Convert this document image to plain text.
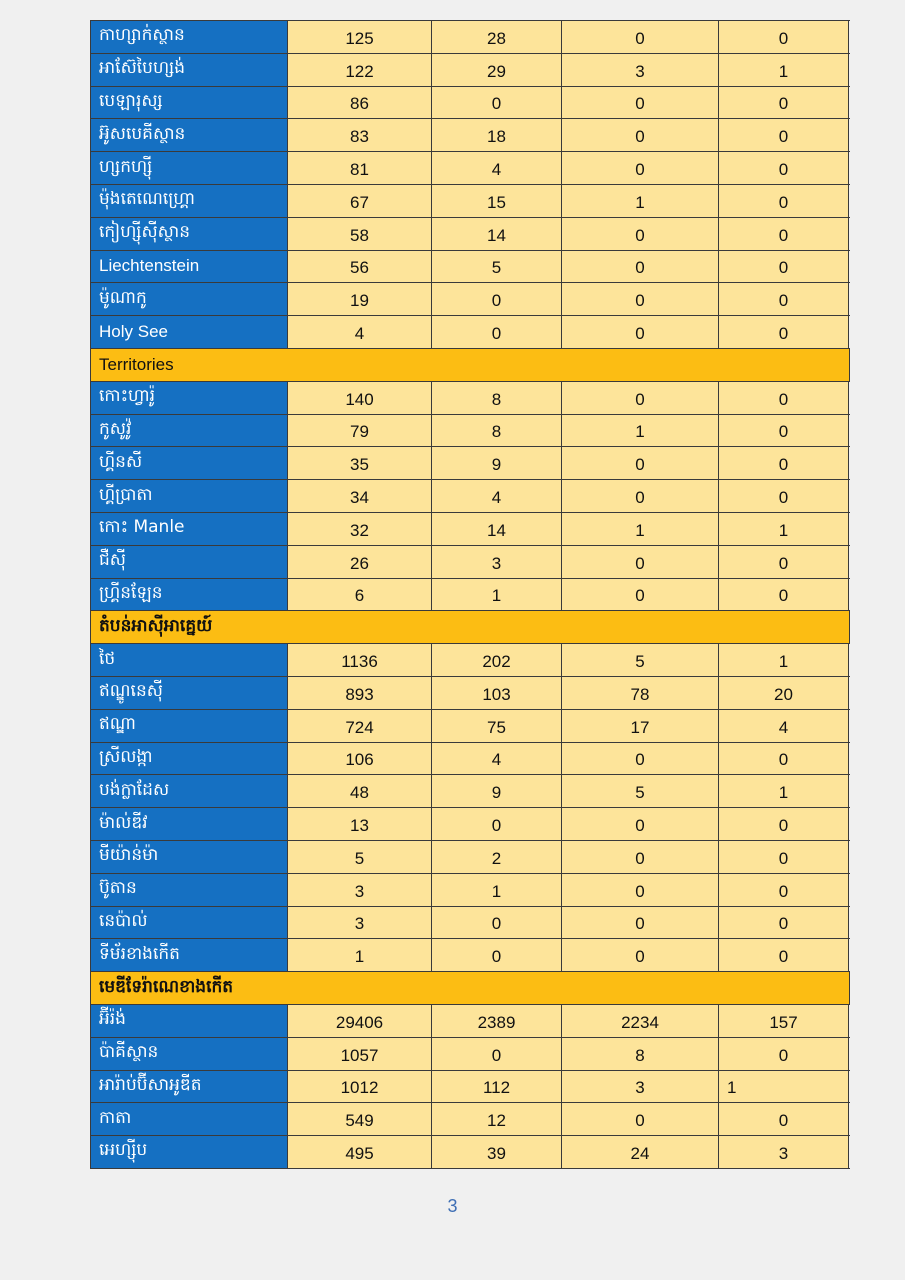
កាហ្សាក់ស្ថាន	125	28	0	0
អាស៊ែបៃហ្សង់	122	29	3	1
បេឡារុស្ស	86	0	0	0
អ៊ូសបេគីស្ថាន	83	18	0	0
ហ្សកហ្ស៊ី	81	4	0	0
ម៉ុងតេណេហ្គ្រោ	67	15	1	0
កៀហ្ស៊ីស៊ីស្ថាន	58	14	0	0
Liechtenstein	56	5	0	0
ម៉ូណាកូ	19	0	0	0
Holy See	4	0	0	0
Territories
កោះហ្វារ៉ូ	140	8	0	0
កូសូវ៉ូ	79	8	1	0
ហ្គីនសី	35	9	0	0
ហ្គីប្រាតា	34	4	0	0
កោះ Manle	32	14	1	1
ជឺស៊ី	26	3	0	0
ហ្គ្រីនឡែន	6	1	0	0
តំបន់អាស៊ីអាគ្នេយ៍
ថៃ	1136	202	5	1
ឥណ្ឌូនេស៊ី	893	103	78	20
ឥណ្ឌា	724	75	17	4
ស្រីលង្កា	106	4	0	0
បង់ក្លាដែស	48	9	5	1
ម៉ាល់ឌីវ	13	0	0	0
មីយ៉ាន់ម៉ា	5	2	0	0
ប៊ូតាន	3	1	0	0
នេប៉ាល់	3	0	0	0
ទីម័រខាងកើត	1	0	0	0
មេឌីទែរ៉ាណេខាងកើត
អ៊ីរ៉ង់	29406	2389	2234	157
ប៉ាគីស្ថាន	1057	0	8	0
អារ៉ាប់ប៊ីសាអូឌីត	1012	112	3	1
កាតា	549	12	0	0
អេហ្ស៊ីប	495	39	24	3
3
